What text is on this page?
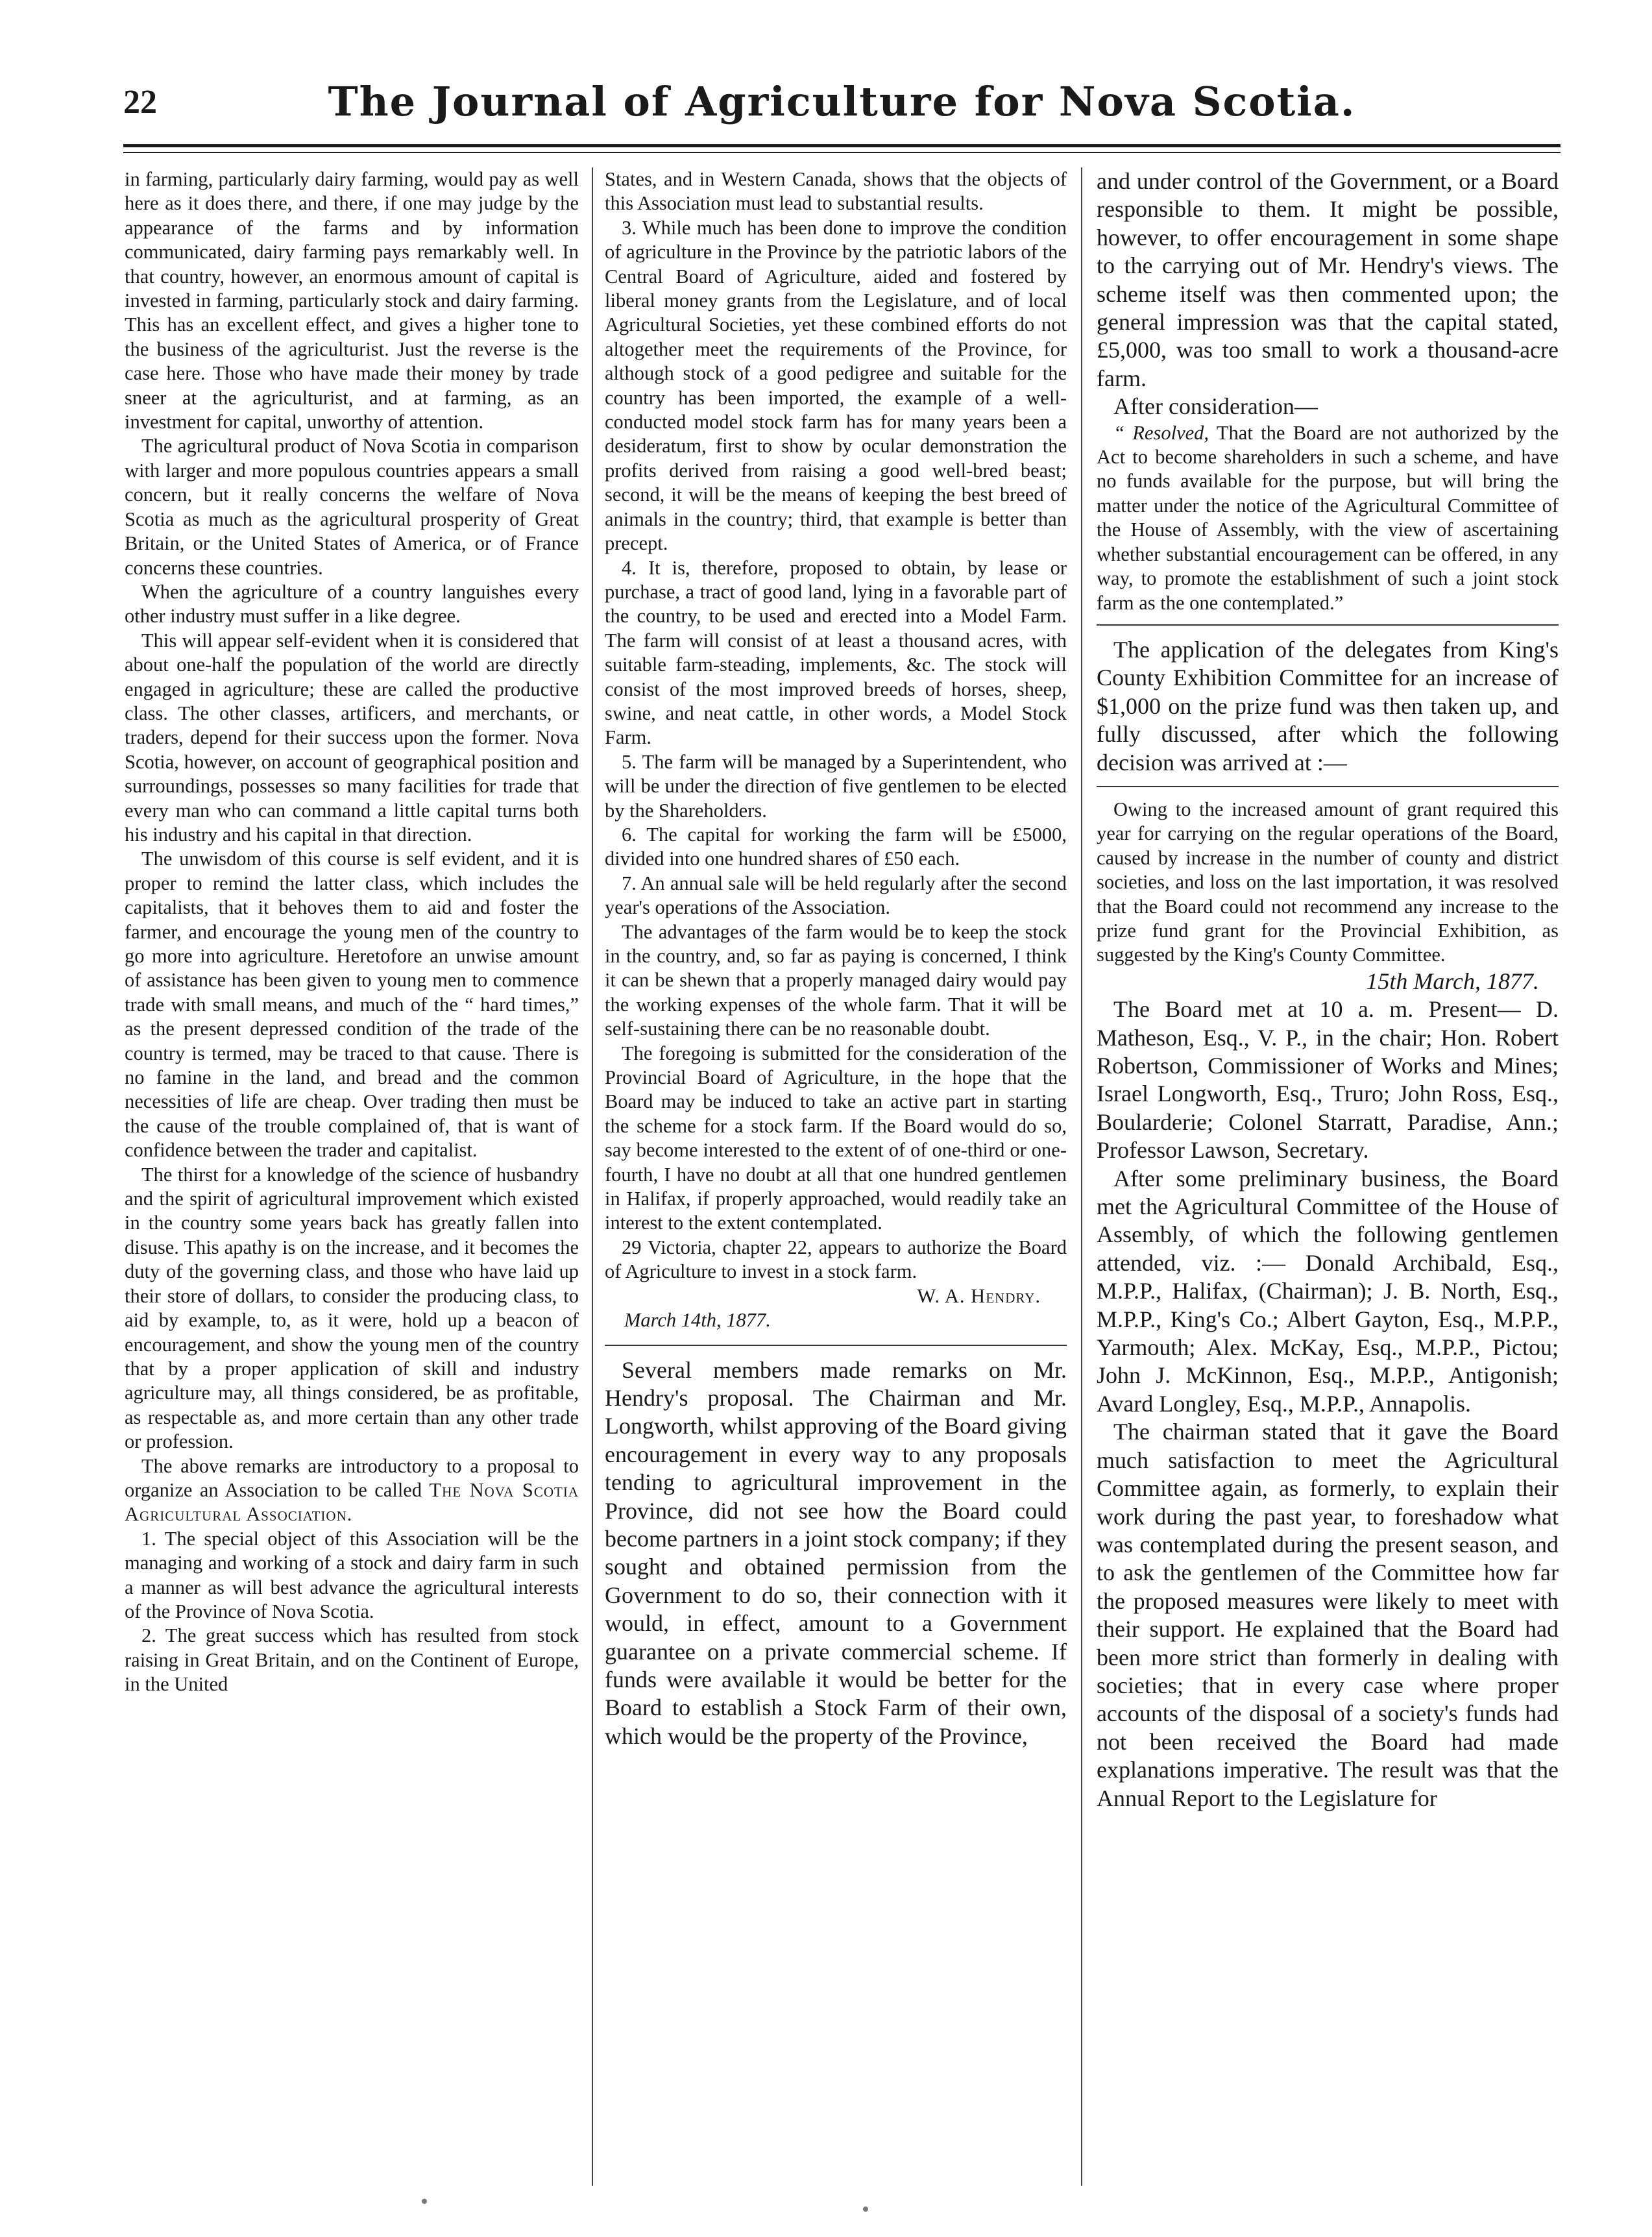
22	The Journal of Agriculture for Nova Scotia.

in farming, particularly dairy farming, would pay as well here as it does there, and there, if one may judge by the appearance of the farms and by information communicated, dairy farming pays remarkably well. In that country, however, an enormous amount of capital is invested in farming, particularly stock and dairy farming. This has an excellent effect, and gives a higher tone to the business of the agriculturist. Just the reverse is the case here. Those who have made their money by trade sneer at the agriculturist, and at farming, as an investment for capital, unworthy of attention.

The agricultural product of Nova Scotia in comparison with larger and more populous countries appears a small concern, but it really concerns the welfare of Nova Scotia as much as the agricultural prosperity of Great Britain, or the United States of America, or of France concerns these countries.

When the agriculture of a country languishes every other industry must suffer in a like degree.

This will appear self-evident when it is considered that about one-half the population of the world are directly engaged in agriculture; these are called the productive class. The other classes, artificers, and merchants, or traders, depend for their success upon the former. Nova Scotia, however, on account of geographical position and surroundings, possesses so many facilities for trade that every man who can command a little capital turns both his industry and his capital in that direction.

The unwisdom of this course is self evident, and it is proper to remind the latter class, which includes the capitalists, that it behoves them to aid and foster the farmer, and encourage the young men of the country to go more into agriculture. Heretofore an unwise amount of assistance has been given to young men to commence trade with small means, and much of the “ hard times,” as the present depressed condition of the trade of the country is termed, may be traced to that cause. There is no famine in the land, and bread and the common necessities of life are cheap. Over trading then must be the cause of the trouble complained of, that is want of confidence between the trader and capitalist.

The thirst for a knowledge of the science of husbandry and the spirit of agricultural improvement which existed in the country some years back has greatly fallen into disuse. This apathy is on the increase, and it becomes the duty of the governing class, and those who have laid up their store of dollars, to consider the producing class, to aid by example, to, as it were, hold up a beacon of encouragement, and show the young men of the country that by a proper application of skill and industry agriculture may, all things considered, be as profitable, as respectable as, and more certain than any other trade or profession.

The above remarks are introductory to a proposal to organize an Association to be called The Nova Scotia Agricultural Association.

1. The special object of this Association will be the managing and working of a stock and dairy farm in such a manner as will best advance the agricultural interests of the Province of Nova Scotia.

2. The great success which has resulted from stock raising in Great Britain, and on the Continent of Europe, in the United

States, and in Western Canada, shows that the objects of this Association must lead to substantial results.

3. While much has been done to improve the condition of agriculture in the Province by the patriotic labors of the Central Board of Agriculture, aided and fostered by liberal money grants from the Legislature, and of local Agricultural Societies, yet these combined efforts do not altogether meet the requirements of the Province, for although stock of a good pedigree and suitable for the country has been imported, the example of a well-conducted model stock farm has for many years been a desideratum, first to show by ocular demonstration the profits derived from raising a good well-bred beast; second, it will be the means of keeping the best breed of animals in the country; third, that example is better than precept.

4. It is, therefore, proposed to obtain, by lease or purchase, a tract of good land, lying in a favorable part of the country, to be used and erected into a Model Farm. The farm will consist of at least a thousand acres, with suitable farm-steading, implements, &c. The stock will consist of the most improved breeds of horses, sheep, swine, and neat cattle, in other words, a Model Stock Farm.

5. The farm will be managed by a Superintendent, who will be under the direction of five gentlemen to be elected by the Shareholders.

6. The capital for working the farm will be £5000, divided into one hundred shares of £50 each.

7. An annual sale will be held regularly after the second year's operations of the Association.

The advantages of the farm would be to keep the stock in the country, and, so far as paying is concerned, I think it can be shewn that a properly managed dairy would pay the working expenses of the whole farm. That it will be self-sustaining there can be no reasonable doubt.

The foregoing is submitted for the consideration of the Provincial Board of Agriculture, in the hope that the Board may be induced to take an active part in starting the scheme for a stock farm. If the Board would do so, say become interested to the extent of of one-third or one-fourth, I have no doubt at all that one hundred gentlemen in Halifax, if properly approached, would readily take an interest to the extent contemplated.

29 Victoria, chapter 22, appears to authorize the Board of Agriculture to invest in a stock farm.

W. A. Hendry.

March 14th, 1877.

Several members made remarks on Mr. Hendry's proposal. The Chairman and Mr. Longworth, whilst approving of the Board giving encouragement in every way to any proposals tending to agricultural improvement in the Province, did not see how the Board could become partners in a joint stock company; if they sought and obtained permission from the Government to do so, their connection with it would, in effect, amount to a Government guarantee on a private commercial scheme. If funds were available it would be better for the Board to establish a Stock Farm of their own, which would be the property of the Province,

and under control of the Government, or a Board responsible to them. It might be possible, however, to offer encouragement in some shape to the carrying out of Mr. Hendry's views. The scheme itself was then commented upon; the general impression was that the capital stated, £5,000, was too small to work a thousand-acre farm.

After consideration—

“ Resolved, That the Board are not authorized by the Act to become shareholders in such a scheme, and have no funds available for the purpose, but will bring the matter under the notice of the Agricultural Committee of the House of Assembly, with the view of ascertaining whether substantial encouragement can be offered, in any way, to promote the establishment of such a joint stock farm as the one contemplated.”

The application of the delegates from King's County Exhibition Committee for an increase of $1,000 on the prize fund was then taken up, and fully discussed, after which the following decision was arrived at :—

Owing to the increased amount of grant required this year for carrying on the regular operations of the Board, caused by increase in the number of county and district societies, and loss on the last importation, it was resolved that the Board could not recommend any increase to the prize fund grant for the Provincial Exhibition, as suggested by the King's County Committee.

15th March, 1877.

The Board met at 10 a. m. Present— D. Matheson, Esq., V. P., in the chair; Hon. Robert Robertson, Commissioner of Works and Mines; Israel Longworth, Esq., Truro; John Ross, Esq., Boularderie; Colonel Starratt, Paradise, Ann.; Professor Lawson, Secretary.

After some preliminary business, the Board met the Agricultural Committee of the House of Assembly, of which the following gentlemen attended, viz. :— Donald Archibald, Esq., M.P.P., Halifax, (Chairman); J. B. North, Esq., M.P.P., King's Co.; Albert Gayton, Esq., M.P.P., Yarmouth; Alex. McKay, Esq., M.P.P., Pictou; John J. McKinnon, Esq., M.P.P., Antigonish; Avard Longley, Esq., M.P.P., Annapolis.

The chairman stated that it gave the Board much satisfaction to meet the Agricultural Committee again, as formerly, to explain their work during the past year, to foreshadow what was contemplated during the present season, and to ask the gentlemen of the Committee how far the proposed measures were likely to meet with their support. He explained that the Board had been more strict than formerly in dealing with societies; that in every case where proper accounts of the disposal of a society's funds had not been received the Board had made explanations imperative. The result was that the Annual Report to the Legislature for
